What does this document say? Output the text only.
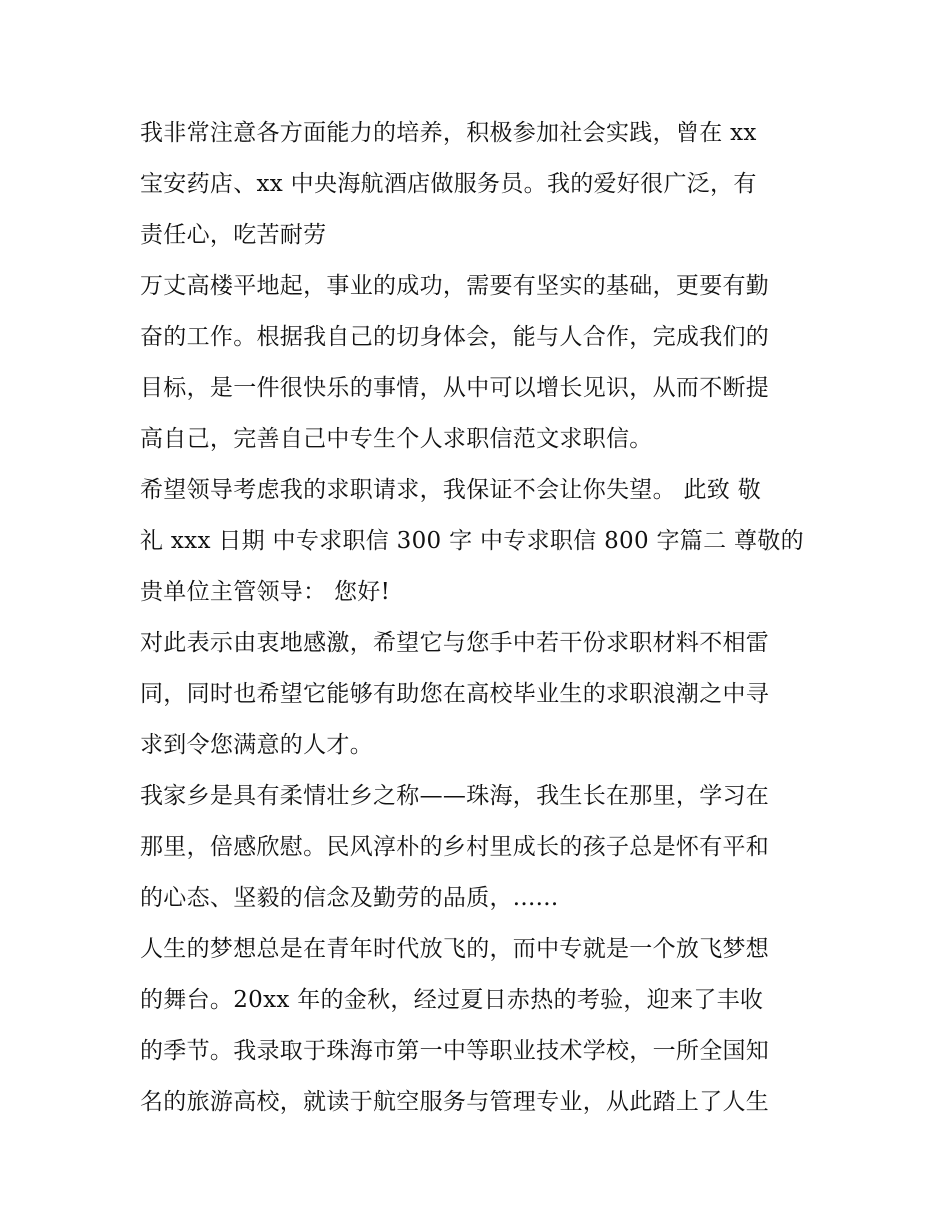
我非常注意各方面能力的培养，积极参加社会实践，曾在 xx
宝安药店、xx 中央海航酒店做服务员。我的爱好很广泛，有
责任心，吃苦耐劳
万丈高楼平地起，事业的成功，需要有坚实的基础，更要有勤
奋的工作。根据我自己的切身体会，能与人合作，完成我们的
目标，是一件很快乐的事情，从中可以增长见识，从而不断提
高自己，完善自己中专生个人求职信范文求职信。
希望领导考虑我的求职请求，我保证不会让你失望。 此致 敬
礼 xxx 日期 中专求职信 300 字 中专求职信 800 字篇二 尊敬的
贵单位主管领导： 您好!
对此表示由衷地感激，希望它与您手中若干份求职材料不相雷
同，同时也希望它能够有助您在高校毕业生的求职浪潮之中寻
求到令您满意的人才。
我家乡是具有柔情壮乡之称——珠海，我生长在那里，学习在
那里，倍感欣慰。民风淳朴的乡村里成长的孩子总是怀有平和
的心态、坚毅的信念及勤劳的品质，......
人生的梦想总是在青年时代放飞的，而中专就是一个放飞梦想
的舞台。20xx 年的金秋，经过夏日赤热的考验，迎来了丰收
的季节。我录取于珠海市第一中等职业技术学校，一所全国知
名的旅游高校，就读于航空服务与管理专业，从此踏上了人生
